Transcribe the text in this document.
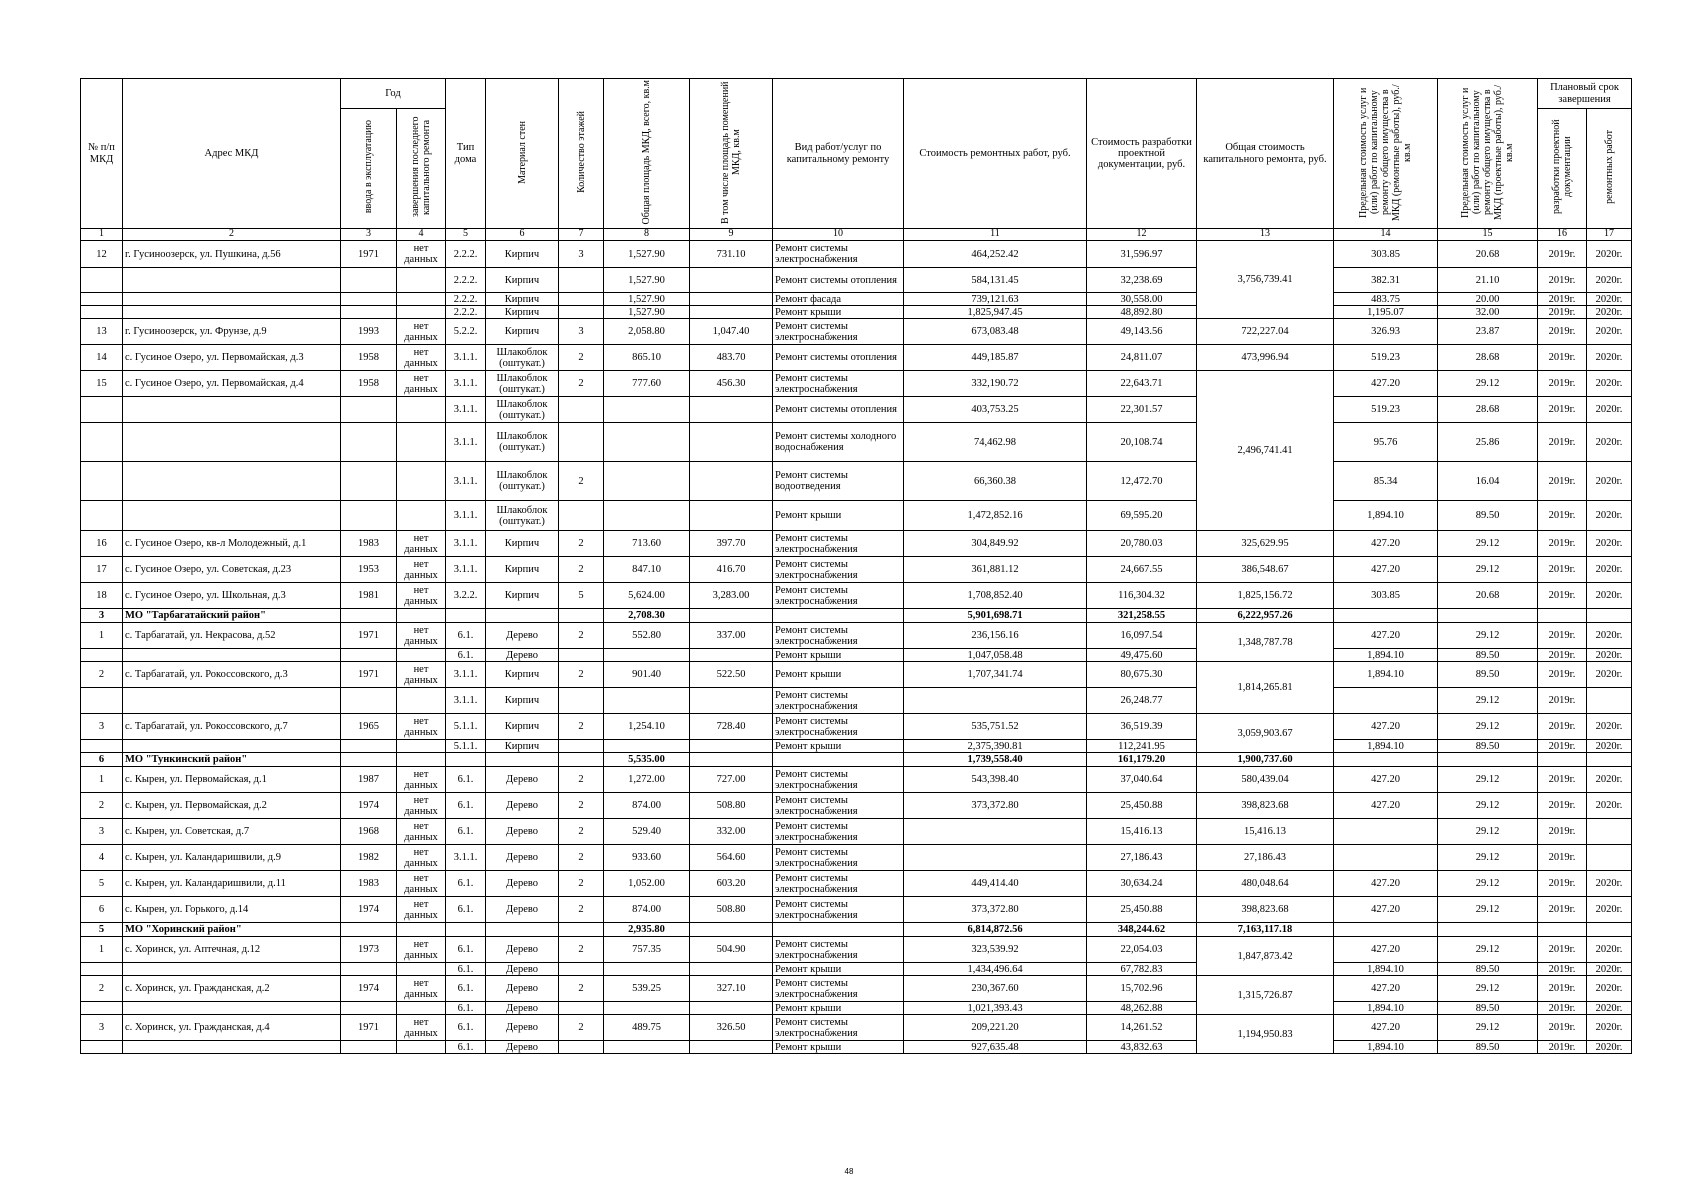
№ п/п МКД	Адрес МКД	Год		Тип дома	Материал стен	Количество этажей	Общая площадь МКД, всего, кв.м	В том числе площадь помещений МКД, кв.м	Вид работ/услуг по капитальному ремонту	Стоимость ремонтных работ, руб.	Стоимость разработки проектной документации, руб.	Общая стоимость капитального ремонта, руб.	Предельная стоимость услуг и (или) работ по капитальному ремонту общего имущества в МКД (ремонтные работы), руб./кв.м	Предельная стоимость услуг и (или) работ по капитальному ремонту общего имущества в МКД (проектные работы), руб./кв.м	Плановый срок завершения	
		ввода в эксплуатацию	завершения последнего капитального ремонта												разработки проектной документации	ремонтных работ
1	2	3	4	5	6	7	8	9	10	11	12	13	14	15	16	17
12	г. Гусиноозерск, ул. Пушкина, д.56	1971	нет данных	2.2.2.	Кирпич	3	1,527.90	731.10	Ремонт системы электроснабжения	464,252.42	31,596.97	3,756,739.41	303.85	20.68	2019г.	2020г.
				2.2.2.	Кирпич		1,527.90		Ремонт системы отопления	584,131.45	32,238.69		382.31	21.10	2019г.	2020г.
				2.2.2.	Кирпич		1,527.90		Ремонт фасада	739,121.63	30,558.00		483.75	20.00	2019г.	2020г.
				2.2.2.	Кирпич		1,527.90		Ремонт крыши	1,825,947.45	48,892.80		1,195.07	32.00	2019г.	2020г.
13	г. Гусиноозерск, ул. Фрунзе, д.9	1993	нет данных	5.2.2.	Кирпич	3	2,058.80	1,047.40	Ремонт системы электроснабжения	673,083.48	49,143.56	722,227.04	326.93	23.87	2019г.	2020г.
14	с. Гусиное Озеро, ул. Первомайская, д.3	1958	нет данных	3.1.1.	Шлакоблок (оштукат.)	2	865.10	483.70	Ремонт системы отопления	449,185.87	24,811.07	473,996.94	519.23	28.68	2019г.	2020г.
15	с. Гусиное Озеро, ул. Первомайская, д.4	1958	нет данных	3.1.1.	Шлакоблок (оштукат.)	2	777.60	456.30	Ремонт системы электроснабжения	332,190.72	22,643.71	2,496,741.41	427.20	29.12	2019г.	2020г.
				3.1.1.	Шлакоблок (оштукат.)				Ремонт системы отопления	403,753.25	22,301.57		519.23	28.68	2019г.	2020г.
				3.1.1.	Шлакоблок (оштукат.)				Ремонт системы холодного водоснабжения	74,462.98	20,108.74		95.76	25.86	2019г.	2020г.
				3.1.1.	Шлакоблок (оштукат.)	2			Ремонт системы водоотведения	66,360.38	12,472.70		85.34	16.04	2019г.	2020г.
				3.1.1.	Шлакоблок (оштукат.)				Ремонт крыши	1,472,852.16	69,595.20		1,894.10	89.50	2019г.	2020г.
16	с. Гусиное Озеро, кв-л Молодежный, д.1	1983	нет данных	3.1.1.	Кирпич	2	713.60	397.70	Ремонт системы электроснабжения	304,849.92	20,780.03	325,629.95	427.20	29.12	2019г.	2020г.
17	с. Гусиное Озеро, ул. Советская, д.23	1953	нет данных	3.1.1.	Кирпич	2	847.10	416.70	Ремонт системы электроснабжения	361,881.12	24,667.55	386,548.67	427.20	29.12	2019г.	2020г.
18	с. Гусиное Озеро, ул. Школьная, д.3	1981	нет данных	3.2.2.	Кирпич	5	5,624.00	3,283.00	Ремонт системы электроснабжения	1,708,852.40	116,304.32	1,825,156.72	303.85	20.68	2019г.	2020г.
3	МО "Тарбагатайский район"						2,708.30			5,901,698.71	321,258.55	6,222,957.26				
1	с. Тарбагатай, ул. Некрасова, д.52	1971	нет данных	6.1.	Дерево	2	552.80	337.00	Ремонт системы электроснабжения	236,156.16	16,097.54	1,348,787.78	427.20	29.12	2019г.	2020г.
				6.1.	Дерево				Ремонт крыши	1,047,058.48	49,475.60		1,894.10	89.50	2019г.	2020г.
2	с. Тарбагатай, ул. Рокоссовского, д.3	1971	нет данных	3.1.1.	Кирпич	2	901.40	522.50	Ремонт крыши	1,707,341.74	80,675.30	1,814,265.81	1,894.10	89.50	2019г.	2020г.
				3.1.1.	Кирпич				Ремонт системы электроснабжения		26,248.77			29.12	2019г.	
3	с. Тарбагатай, ул. Рокоссовского, д.7	1965	нет данных	5.1.1.	Кирпич	2	1,254.10	728.40	Ремонт системы электроснабжения	535,751.52	36,519.39	3,059,903.67	427.20	29.12	2019г.	2020г.
				5.1.1.	Кирпич				Ремонт крыши	2,375,390.81	112,241.95		1,894.10	89.50	2019г.	2020г.
6	МО "Тункинский район"						5,535.00			1,739,558.40	161,179.20	1,900,737.60				
1	с. Кырен, ул. Первомайская, д.1	1987	нет данных	6.1.	Дерево	2	1,272.00	727.00	Ремонт системы электроснабжения	543,398.40	37,040.64	580,439.04	427.20	29.12	2019г.	2020г.
2	с. Кырен, ул. Первомайская, д.2	1974	нет данных	6.1.	Дерево	2	874.00	508.80	Ремонт системы электроснабжения	373,372.80	25,450.88	398,823.68	427.20	29.12	2019г.	2020г.
3	с. Кырен, ул. Советская, д.7	1968	нет данных	6.1.	Дерево	2	529.40	332.00	Ремонт системы электроснабжения		15,416.13	15,416.13		29.12	2019г.	
4	с. Кырен, ул. Каландаришвили, д.9	1982	нет данных	3.1.1.	Дерево	2	933.60	564.60	Ремонт системы электроснабжения		27,186.43	27,186.43		29.12	2019г.	
5	с. Кырен, ул. Каландаришвили, д.11	1983	нет данных	6.1.	Дерево	2	1,052.00	603.20	Ремонт системы электроснабжения	449,414.40	30,634.24	480,048.64	427.20	29.12	2019г.	2020г.
6	с. Кырен, ул. Горького, д.14	1974	нет данных	6.1.	Дерево	2	874.00	508.80	Ремонт системы электроснабжения	373,372.80	25,450.88	398,823.68	427.20	29.12	2019г.	2020г.
5	МО "Хоринский район"						2,935.80			6,814,872.56	348,244.62	7,163,117.18				
1	с. Хоринск, ул. Аптечная, д.12	1973	нет данных	6.1.	Дерево	2	757.35	504.90	Ремонт системы электроснабжения	323,539.92	22,054.03	1,847,873.42	427.20	29.12	2019г.	2020г.
				6.1.	Дерево				Ремонт крыши	1,434,496.64	67,782.83		1,894.10	89.50	2019г.	2020г.
2	с. Хоринск, ул. Гражданская, д.2	1974	нет данных	6.1.	Дерево	2	539.25	327.10	Ремонт системы электроснабжения	230,367.60	15,702.96	1,315,726.87	427.20	29.12	2019г.	2020г.
				6.1.	Дерево				Ремонт крыши	1,021,393.43	48,262.88		1,894.10	89.50	2019г.	2020г.
3	с. Хоринск, ул. Гражданская, д.4	1971	нет данных	6.1.	Дерево	2	489.75	326.50	Ремонт системы электроснабжения	209,221.20	14,261.52	1,194,950.83	427.20	29.12	2019г.	2020г.
				6.1.	Дерево				Ремонт крыши	927,635.48	43,832.63		1,894.10	89.50	2019г.	2020г.
48
